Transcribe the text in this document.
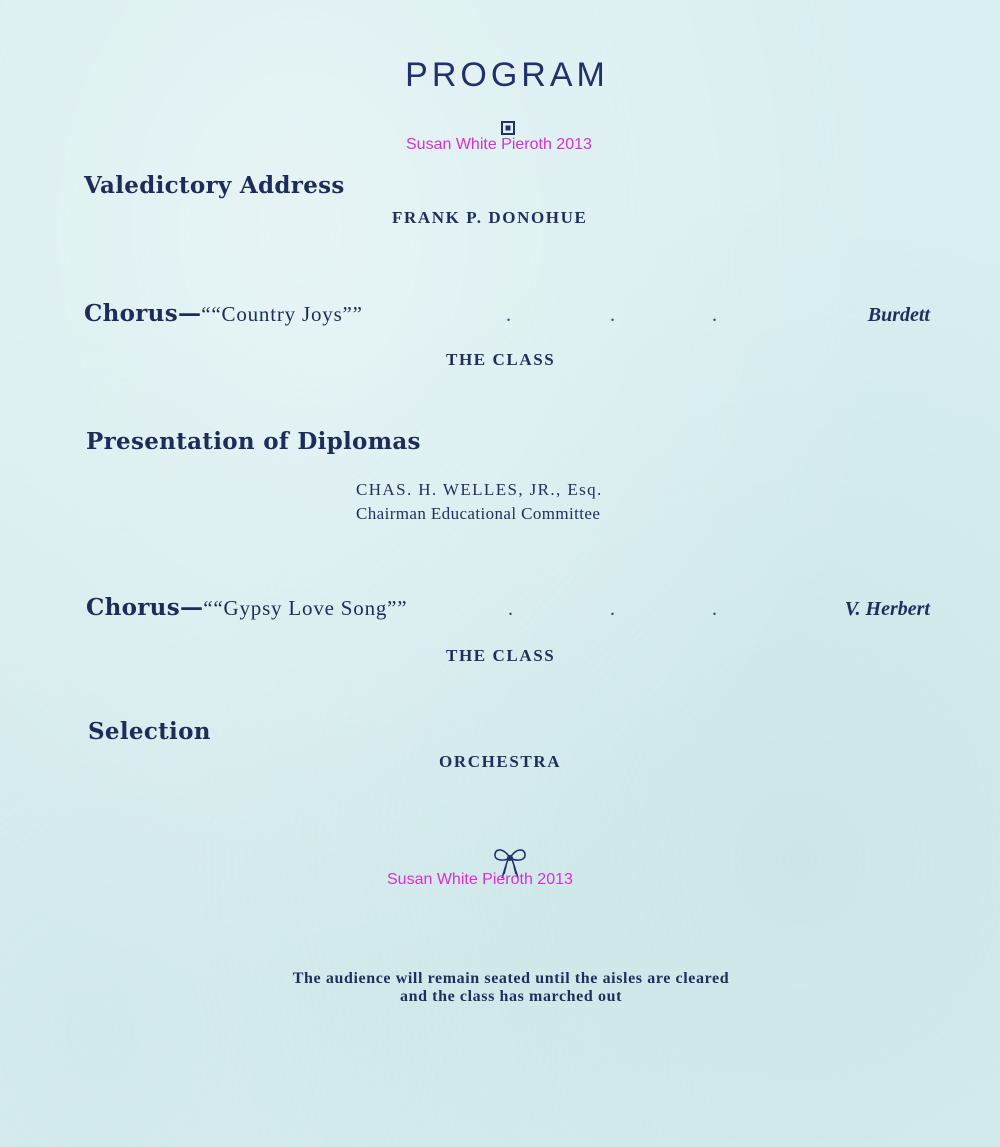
PROGRAM
Susan White Pieroth 2013
Valedictory Address
FRANK P. DONOHUE
Chorus—““Country Joys””	.	.	.	Burdett
THE CLASS
Presentation of Diplomas
CHAS. H. WELLES, JR., Esq.
Chairman Educational Committee
Chorus—““Gypsy Love Song””	.	.	.	V. Herbert
THE CLASS
Selection
ORCHESTRA
Susan White Pieroth 2013
The audience will remain seated until the aisles are cleared
and the class has marched out
